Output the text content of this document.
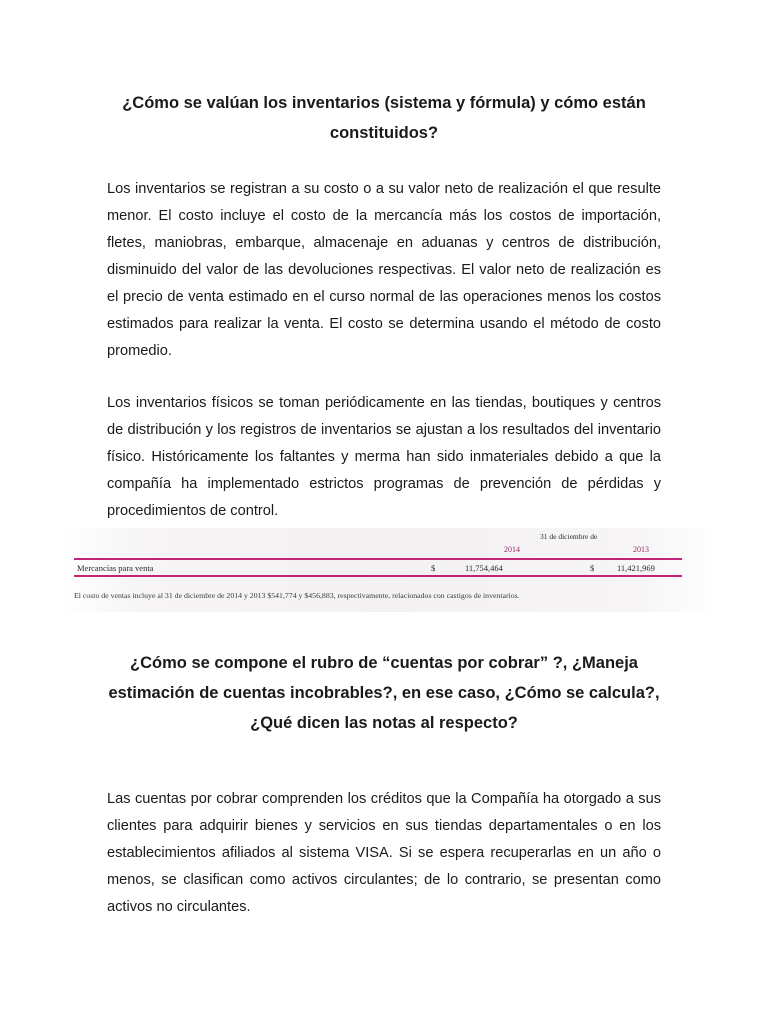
¿Cómo se valúan los inventarios (sistema y fórmula) y cómo están constituidos?

Los inventarios se registran a su costo o a su valor neto de realización el que resulte menor. El costo incluye el costo de la mercancía más los costos de importación, fletes, maniobras, embarque, almacenaje en aduanas y centros de distribución, disminuido del valor de las devoluciones respectivas. El valor neto de realización es el precio de venta estimado en el curso normal de las operaciones menos los costos estimados para realizar la venta. El costo se determina usando el método de costo promedio.

Los inventarios físicos se toman periódicamente en las tiendas, boutiques y centros de distribución y los registros de inventarios se ajustan a los resultados del inventario físico. Históricamente los faltantes y merma han sido inmateriales debido a que la compañía ha implementado estrictos programas de prevención de pérdidas y procedimientos de control.

31 de diciembre de
2014	2013
Mercancías para venta	$	11,754,464	$	11,421,969
El costo de ventas incluye al 31 de diciembre de 2014 y 2013 $541,774 y $456,883, respectivamente, relacionados con castigos de inventarios.
¿Cómo se compone el rubro de “cuentas por cobrar” ?, ¿Maneja estimación de cuentas incobrables?, en ese caso, ¿Cómo se calcula?, ¿Qué dicen las notas al respecto?

Las cuentas por cobrar comprenden los créditos que la Compañía ha otorgado a sus clientes para adquirir bienes y servicios en sus tiendas departamentales o en los establecimientos afiliados al sistema VISA. Si se espera recuperarlas en un año o menos, se clasifican como activos circulantes; de lo contrario, se presentan como activos no circulantes.
